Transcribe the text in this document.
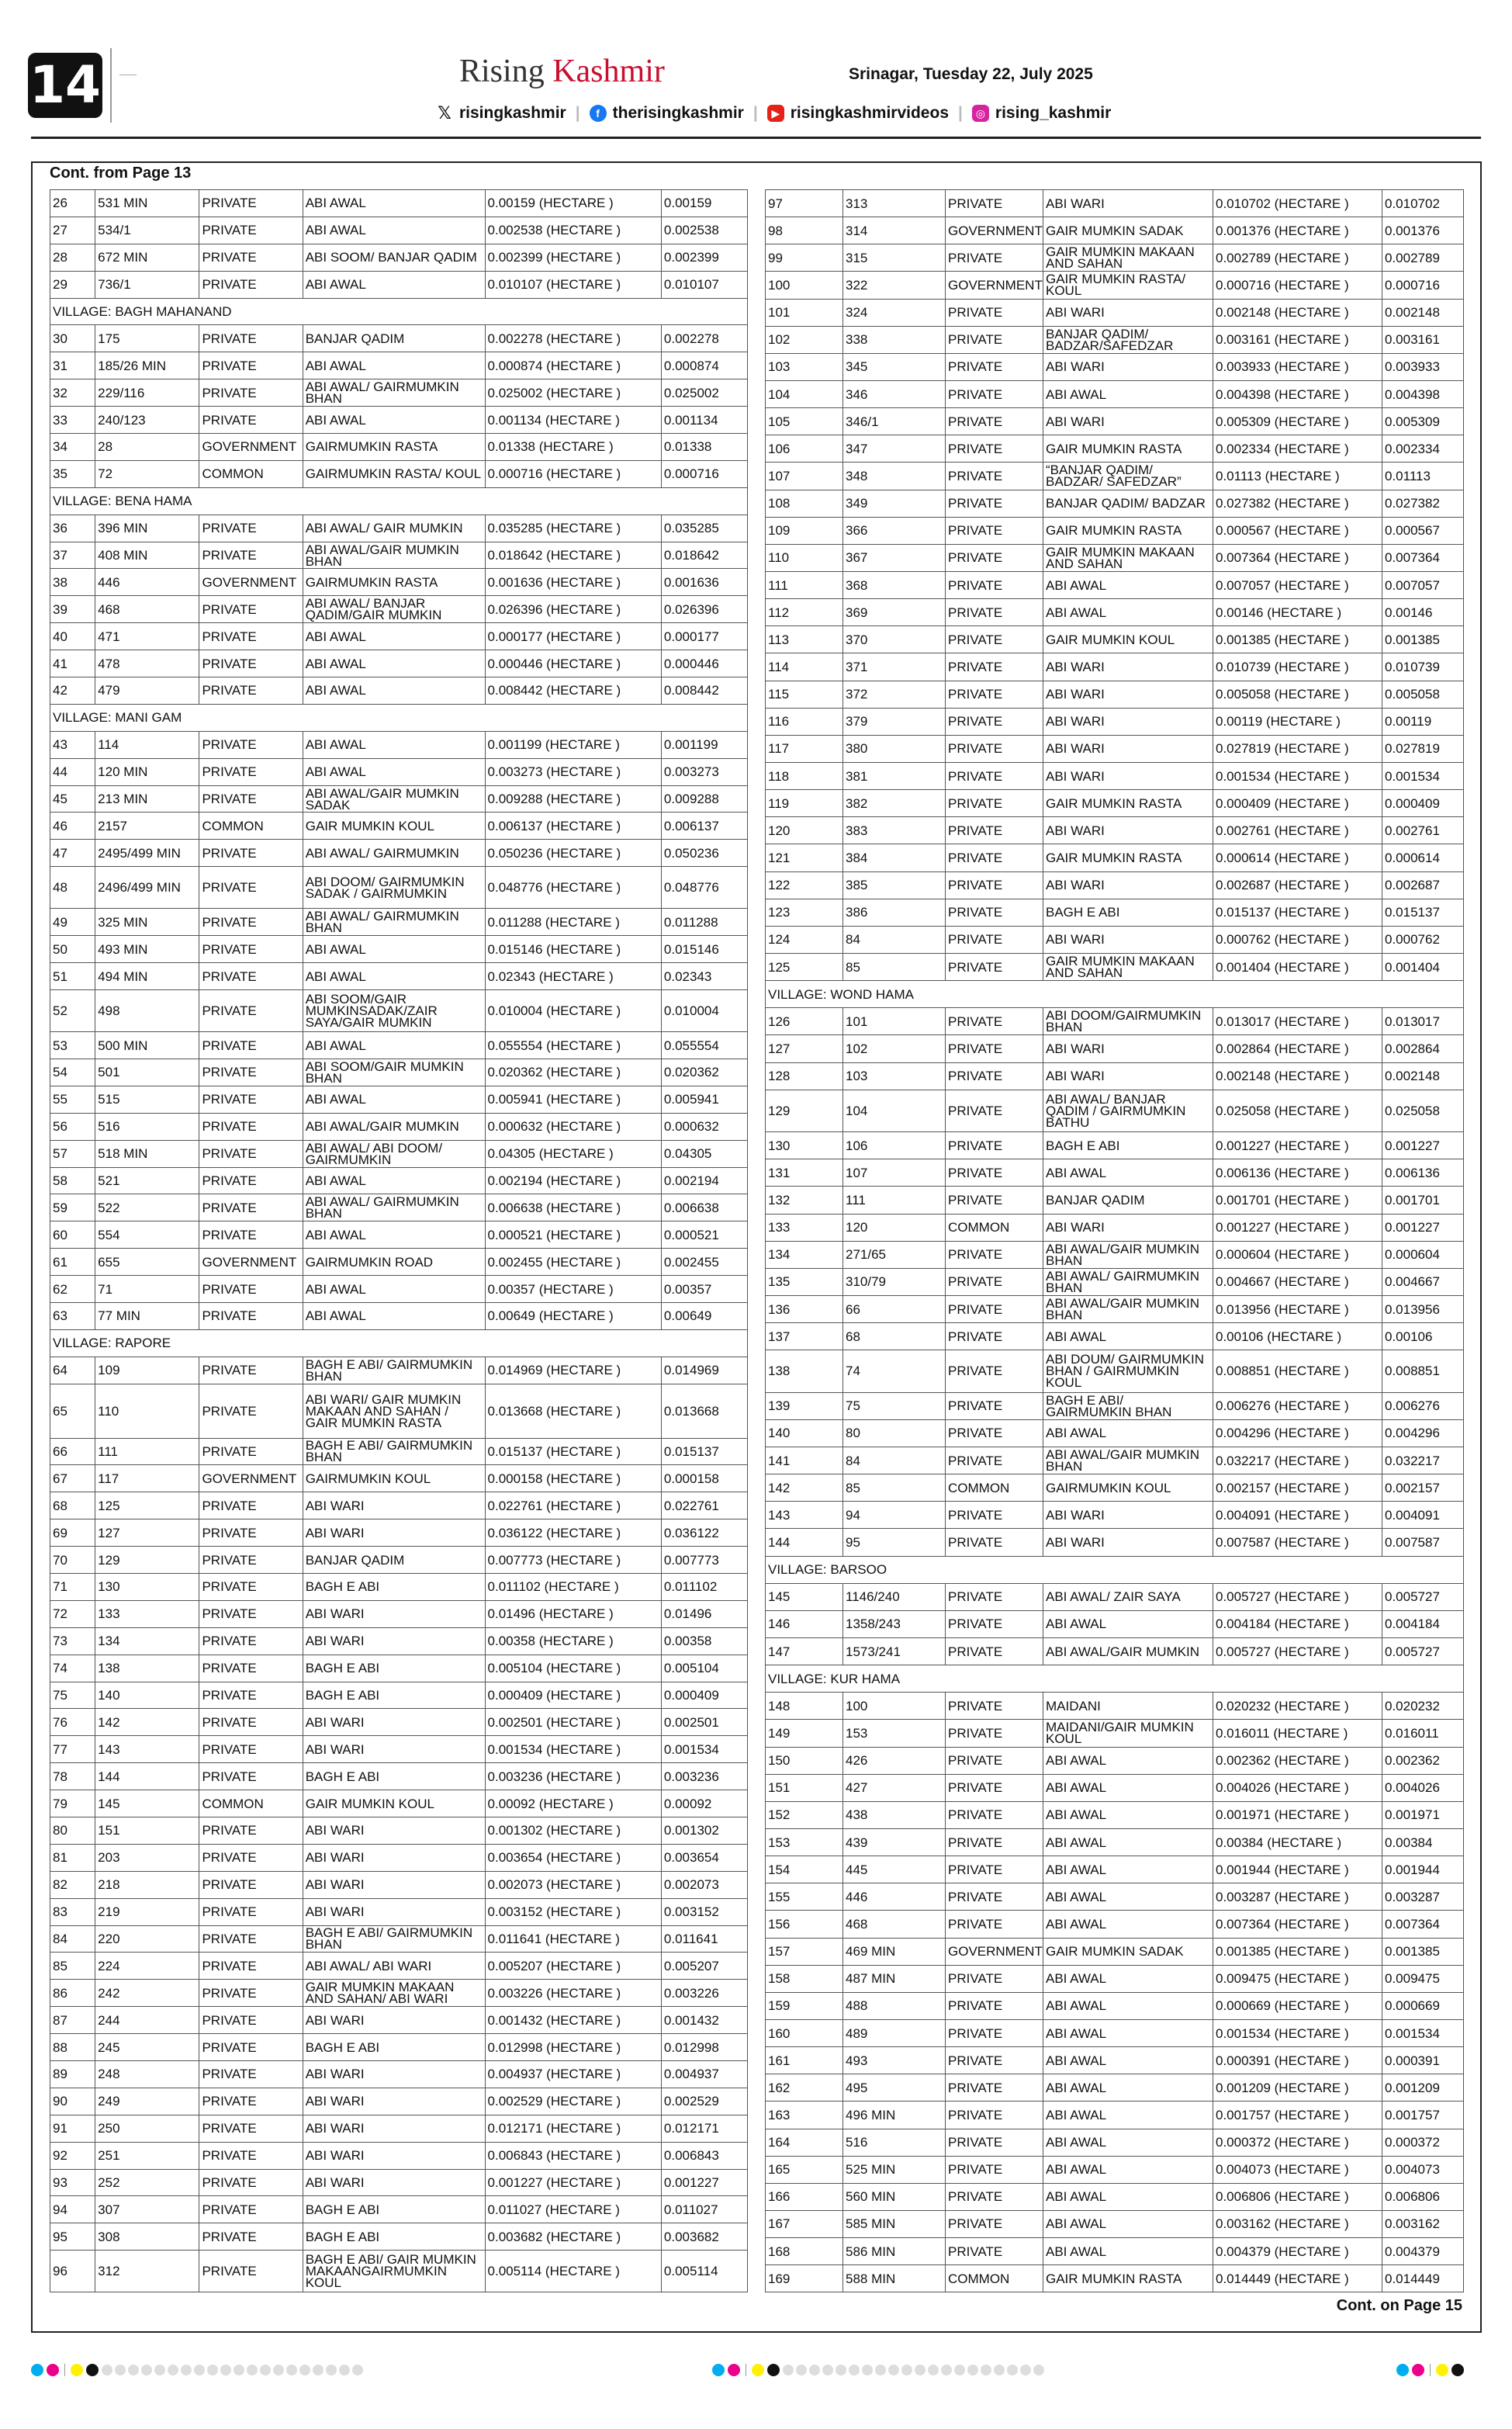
14	Rising Kashmir	Srinagar, Tuesday 22, July 2025
𝕏 risingkashmir |	f therisingkashmir |	▶ risingkashmirvideos |	◎ rising_kashmir
Cont. from Page 13
26	531 MIN	PRIVATE	ABI AWAL	0.00159 (HECTARE )	0.00159
27	534/1	PRIVATE	ABI AWAL	0.002538 (HECTARE )	0.002538
28	672 MIN	PRIVATE	ABI SOOM/ BANJAR QADIM	0.002399 (HECTARE )	0.002399
29	736/1	PRIVATE	ABI AWAL	0.010107 (HECTARE )	0.010107
VILLAGE: BAGH MAHANAND					
30	175	PRIVATE	BANJAR QADIM	0.002278 (HECTARE )	0.002278
31	185/26 MIN	PRIVATE	ABI AWAL	0.000874 (HECTARE )	0.000874
32	229/116	PRIVATE	ABI AWAL/ GAIRMUMKIN BHAN	0.025002 (HECTARE )	0.025002
33	240/123	PRIVATE	ABI AWAL	0.001134 (HECTARE )	0.001134
34	28	GOVERNMENT	GAIRMUMKIN RASTA	0.01338 (HECTARE )	0.01338
35	72	COMMON	GAIRMUMKIN RASTA/ KOUL	0.000716 (HECTARE )	0.000716
VILLAGE: BENA HAMA					
36	396 MIN	PRIVATE	ABI AWAL/ GAIR MUMKIN	0.035285 (HECTARE )	0.035285
37	408 MIN	PRIVATE	ABI AWAL/GAIR MUMKIN BHAN	0.018642 (HECTARE )	0.018642
38	446	GOVERNMENT	GAIRMUMKIN RASTA	0.001636 (HECTARE )	0.001636
39	468	PRIVATE	ABI AWAL/ BANJAR QADIM/GAIR MUMKIN	0.026396 (HECTARE )	0.026396
40	471	PRIVATE	ABI AWAL	0.000177 (HECTARE )	0.000177
41	478	PRIVATE	ABI AWAL	0.000446 (HECTARE )	0.000446
42	479	PRIVATE	ABI AWAL	0.008442 (HECTARE )	0.008442
VILLAGE: MANI GAM					
43	114	PRIVATE	ABI AWAL	0.001199 (HECTARE )	0.001199
44	120 MIN	PRIVATE	ABI AWAL	0.003273 (HECTARE )	0.003273
45	213 MIN	PRIVATE	ABI AWAL/GAIR MUMKIN SADAK	0.009288 (HECTARE )	0.009288
46	2157	COMMON	GAIR MUMKIN KOUL	0.006137 (HECTARE )	0.006137
47	2495/499 MIN	PRIVATE	ABI AWAL/ GAIRMUMKIN	0.050236 (HECTARE )	0.050236
48	2496/499 MIN	PRIVATE	ABI DOOM/ GAIRMUMKIN SADAK / GAIRMUMKIN	0.048776 (HECTARE )	0.048776
49	325 MIN	PRIVATE	ABI AWAL/ GAIRMUMKIN BHAN	0.011288 (HECTARE )	0.011288
50	493 MIN	PRIVATE	ABI AWAL	0.015146 (HECTARE )	0.015146
51	494 MIN	PRIVATE	ABI AWAL	0.02343 (HECTARE )	0.02343
52	498	PRIVATE	ABI SOOM/GAIR MUMKINSADAK/ZAIR SAYA/GAIR MUMKIN	0.010004 (HECTARE )	0.010004
53	500 MIN	PRIVATE	ABI AWAL	0.055554 (HECTARE )	0.055554
54	501	PRIVATE	ABI SOOM/GAIR MUMKIN BHAN	0.020362 (HECTARE )	0.020362
55	515	PRIVATE	ABI AWAL	0.005941 (HECTARE )	0.005941
56	516	PRIVATE	ABI AWAL/GAIR MUMKIN	0.000632 (HECTARE )	0.000632
57	518 MIN	PRIVATE	ABI AWAL/ ABI DOOM/ GAIRMUMKIN	0.04305 (HECTARE )	0.04305
58	521	PRIVATE	ABI AWAL	0.002194 (HECTARE )	0.002194
59	522	PRIVATE	ABI AWAL/ GAIRMUMKIN BHAN	0.006638 (HECTARE )	0.006638
60	554	PRIVATE	ABI AWAL	0.000521 (HECTARE )	0.000521
61	655	GOVERNMENT	GAIRMUMKIN ROAD	0.002455 (HECTARE )	0.002455
62	71	PRIVATE	ABI AWAL	0.00357 (HECTARE )	0.00357
63	77 MIN	PRIVATE	ABI AWAL	0.00649 (HECTARE )	0.00649
VILLAGE: RAPORE					
64	109	PRIVATE	BAGH E ABI/ GAIRMUMKIN BHAN	0.014969 (HECTARE )	0.014969
65	110	PRIVATE	ABI WARI/ GAIR MUMKIN MAKAAN AND SAHAN / GAIR MUMKIN RASTA	0.013668 (HECTARE )	0.013668
66	111	PRIVATE	BAGH E ABI/ GAIRMUMKIN BHAN	0.015137 (HECTARE )	0.015137
67	117	GOVERNMENT	GAIRMUMKIN KOUL	0.000158 (HECTARE )	0.000158
68	125	PRIVATE	ABI WARI	0.022761 (HECTARE )	0.022761
69	127	PRIVATE	ABI WARI	0.036122 (HECTARE )	0.036122
70	129	PRIVATE	BANJAR QADIM	0.007773 (HECTARE )	0.007773
71	130	PRIVATE	BAGH E ABI	0.011102 (HECTARE )	0.011102
72	133	PRIVATE	ABI WARI	0.01496 (HECTARE )	0.01496
73	134	PRIVATE	ABI WARI	0.00358 (HECTARE )	0.00358
74	138	PRIVATE	BAGH E ABI	0.005104 (HECTARE )	0.005104
75	140	PRIVATE	BAGH E ABI	0.000409 (HECTARE )	0.000409
76	142	PRIVATE	ABI WARI	0.002501 (HECTARE )	0.002501
77	143	PRIVATE	ABI WARI	0.001534 (HECTARE )	0.001534
78	144	PRIVATE	BAGH E ABI	0.003236 (HECTARE )	0.003236
79	145	COMMON	GAIR MUMKIN KOUL	0.00092 (HECTARE )	0.00092
80	151	PRIVATE	ABI WARI	0.001302 (HECTARE )	0.001302
81	203	PRIVATE	ABI WARI	0.003654 (HECTARE )	0.003654
82	218	PRIVATE	ABI WARI	0.002073 (HECTARE )	0.002073
83	219	PRIVATE	ABI WARI	0.003152 (HECTARE )	0.003152
84	220	PRIVATE	BAGH E ABI/ GAIRMUMKIN BHAN	0.011641 (HECTARE )	0.011641
85	224	PRIVATE	ABI AWAL/ ABI WARI	0.005207 (HECTARE )	0.005207
86	242	PRIVATE	GAIR MUMKIN MAKAAN AND SAHAN/ ABI WARI	0.003226 (HECTARE )	0.003226
87	244	PRIVATE	ABI WARI	0.001432 (HECTARE )	0.001432
88	245	PRIVATE	BAGH E ABI	0.012998 (HECTARE )	0.012998
89	248	PRIVATE	ABI WARI	0.004937 (HECTARE )	0.004937
90	249	PRIVATE	ABI WARI	0.002529 (HECTARE )	0.002529
91	250	PRIVATE	ABI WARI	0.012171 (HECTARE )	0.012171
92	251	PRIVATE	ABI WARI	0.006843 (HECTARE )	0.006843
93	252	PRIVATE	ABI WARI	0.001227 (HECTARE )	0.001227
94	307	PRIVATE	BAGH E ABI	0.011027 (HECTARE )	0.011027
95	308	PRIVATE	BAGH E ABI	0.003682 (HECTARE )	0.003682
96	312	PRIVATE	BAGH E ABI/ GAIR MUMKIN MAKAANGAIRMUMKIN KOUL	0.005114 (HECTARE )	0.005114
97	313	PRIVATE	ABI WARI	0.010702 (HECTARE )	0.010702
98	314	GOVERNMENT	GAIR MUMKIN SADAK	0.001376 (HECTARE )	0.001376
99	315	PRIVATE	GAIR MUMKIN MAKAAN AND SAHAN	0.002789 (HECTARE )	0.002789
100	322	GOVERNMENT	GAIR MUMKIN RASTA/ KOUL	0.000716 (HECTARE )	0.000716
101	324	PRIVATE	ABI WARI	0.002148 (HECTARE )	0.002148
102	338	PRIVATE	BANJAR QADIM/ BADZAR/SAFEDZAR	0.003161 (HECTARE )	0.003161
103	345	PRIVATE	ABI WARI	0.003933 (HECTARE )	0.003933
104	346	PRIVATE	ABI AWAL	0.004398 (HECTARE )	0.004398
105	346/1	PRIVATE	ABI WARI	0.005309 (HECTARE )	0.005309
106	347	PRIVATE	GAIR MUMKIN RASTA	0.002334 (HECTARE )	0.002334
107	348	PRIVATE	“BANJAR QADIM/ BADZAR/ SAFEDZAR”	0.01113 (HECTARE )	0.01113
108	349	PRIVATE	BANJAR QADIM/ BADZAR	0.027382 (HECTARE )	0.027382
109	366	PRIVATE	GAIR MUMKIN RASTA	0.000567 (HECTARE )	0.000567
110	367	PRIVATE	GAIR MUMKIN MAKAAN AND SAHAN	0.007364 (HECTARE )	0.007364
111	368	PRIVATE	ABI AWAL	0.007057 (HECTARE )	0.007057
112	369	PRIVATE	ABI AWAL	0.00146 (HECTARE )	0.00146
113	370	PRIVATE	GAIR MUMKIN KOUL	0.001385 (HECTARE )	0.001385
114	371	PRIVATE	ABI WARI	0.010739 (HECTARE )	0.010739
115	372	PRIVATE	ABI WARI	0.005058 (HECTARE )	0.005058
116	379	PRIVATE	ABI WARI	0.00119 (HECTARE )	0.00119
117	380	PRIVATE	ABI WARI	0.027819 (HECTARE )	0.027819
118	381	PRIVATE	ABI WARI	0.001534 (HECTARE )	0.001534
119	382	PRIVATE	GAIR MUMKIN RASTA	0.000409 (HECTARE )	0.000409
120	383	PRIVATE	ABI WARI	0.002761 (HECTARE )	0.002761
121	384	PRIVATE	GAIR MUMKIN RASTA	0.000614 (HECTARE )	0.000614
122	385	PRIVATE	ABI WARI	0.002687 (HECTARE )	0.002687
123	386	PRIVATE	BAGH E ABI	0.015137 (HECTARE )	0.015137
124	84	PRIVATE	ABI WARI	0.000762 (HECTARE )	0.000762
125	85	PRIVATE	GAIR MUMKIN MAKAAN AND SAHAN	0.001404 (HECTARE )	0.001404
VILLAGE: WOND HAMA					
126	101	PRIVATE	ABI DOOM/GAIRMUMKIN BHAN	0.013017 (HECTARE )	0.013017
127	102	PRIVATE	ABI WARI	0.002864 (HECTARE )	0.002864
128	103	PRIVATE	ABI WARI	0.002148 (HECTARE )	0.002148
129	104	PRIVATE	ABI AWAL/ BANJAR QADIM / GAIRMUMKIN BATHU	0.025058 (HECTARE )	0.025058
130	106	PRIVATE	BAGH E ABI	0.001227 (HECTARE )	0.001227
131	107	PRIVATE	ABI AWAL	0.006136 (HECTARE )	0.006136
132	111	PRIVATE	BANJAR QADIM	0.001701 (HECTARE )	0.001701
133	120	COMMON	ABI WARI	0.001227 (HECTARE )	0.001227
134	271/65	PRIVATE	ABI AWAL/GAIR MUMKIN BHAN	0.000604 (HECTARE )	0.000604
135	310/79	PRIVATE	ABI AWAL/ GAIRMUMKIN BHAN	0.004667 (HECTARE )	0.004667
136	66	PRIVATE	ABI AWAL/GAIR MUMKIN BHAN	0.013956 (HECTARE )	0.013956
137	68	PRIVATE	ABI AWAL	0.00106 (HECTARE )	0.00106
138	74	PRIVATE	ABI DOUM/ GAIRMUMKIN BHAN / GAIRMUMKIN KOUL	0.008851 (HECTARE )	0.008851
139	75	PRIVATE	BAGH E ABI/ GAIRMUMKIN BHAN	0.006276 (HECTARE )	0.006276
140	80	PRIVATE	ABI AWAL	0.004296 (HECTARE )	0.004296
141	84	PRIVATE	ABI AWAL/GAIR MUMKIN BHAN	0.032217 (HECTARE )	0.032217
142	85	COMMON	GAIRMUMKIN KOUL	0.002157 (HECTARE )	0.002157
143	94	PRIVATE	ABI WARI	0.004091 (HECTARE )	0.004091
144	95	PRIVATE	ABI WARI	0.007587 (HECTARE )	0.007587
VILLAGE: BARSOO					
145	1146/240	PRIVATE	ABI AWAL/ ZAIR SAYA	0.005727 (HECTARE )	0.005727
146	1358/243	PRIVATE	ABI AWAL	0.004184 (HECTARE )	0.004184
147	1573/241	PRIVATE	ABI AWAL/GAIR MUMKIN	0.005727 (HECTARE )	0.005727
VILLAGE: KUR HAMA					
148	100	PRIVATE	MAIDANI	0.020232 (HECTARE )	0.020232
149	153	PRIVATE	MAIDANI/GAIR MUMKIN KOUL	0.016011 (HECTARE )	0.016011
150	426	PRIVATE	ABI AWAL	0.002362 (HECTARE )	0.002362
151	427	PRIVATE	ABI AWAL	0.004026 (HECTARE )	0.004026
152	438	PRIVATE	ABI AWAL	0.001971 (HECTARE )	0.001971
153	439	PRIVATE	ABI AWAL	0.00384 (HECTARE )	0.00384
154	445	PRIVATE	ABI AWAL	0.001944 (HECTARE )	0.001944
155	446	PRIVATE	ABI AWAL	0.003287 (HECTARE )	0.003287
156	468	PRIVATE	ABI AWAL	0.007364 (HECTARE )	0.007364
157	469 MIN	GOVERNMENT	GAIR MUMKIN SADAK	0.001385 (HECTARE )	0.001385
158	487 MIN	PRIVATE	ABI AWAL	0.009475 (HECTARE )	0.009475
159	488	PRIVATE	ABI AWAL	0.000669 (HECTARE )	0.000669
160	489	PRIVATE	ABI AWAL	0.001534 (HECTARE )	0.001534
161	493	PRIVATE	ABI AWAL	0.000391 (HECTARE )	0.000391
162	495	PRIVATE	ABI AWAL	0.001209 (HECTARE )	0.001209
163	496 MIN	PRIVATE	ABI AWAL	0.001757 (HECTARE )	0.001757
164	516	PRIVATE	ABI AWAL	0.000372 (HECTARE )	0.000372
165	525 MIN	PRIVATE	ABI AWAL	0.004073 (HECTARE )	0.004073
166	560 MIN	PRIVATE	ABI AWAL	0.006806 (HECTARE )	0.006806
167	585 MIN	PRIVATE	ABI AWAL	0.003162 (HECTARE )	0.003162
168	586 MIN	PRIVATE	ABI AWAL	0.004379 (HECTARE )	0.004379
169	588 MIN	COMMON	GAIR MUMKIN RASTA	0.014449 (HECTARE )	0.014449
Cont. on Page 15
